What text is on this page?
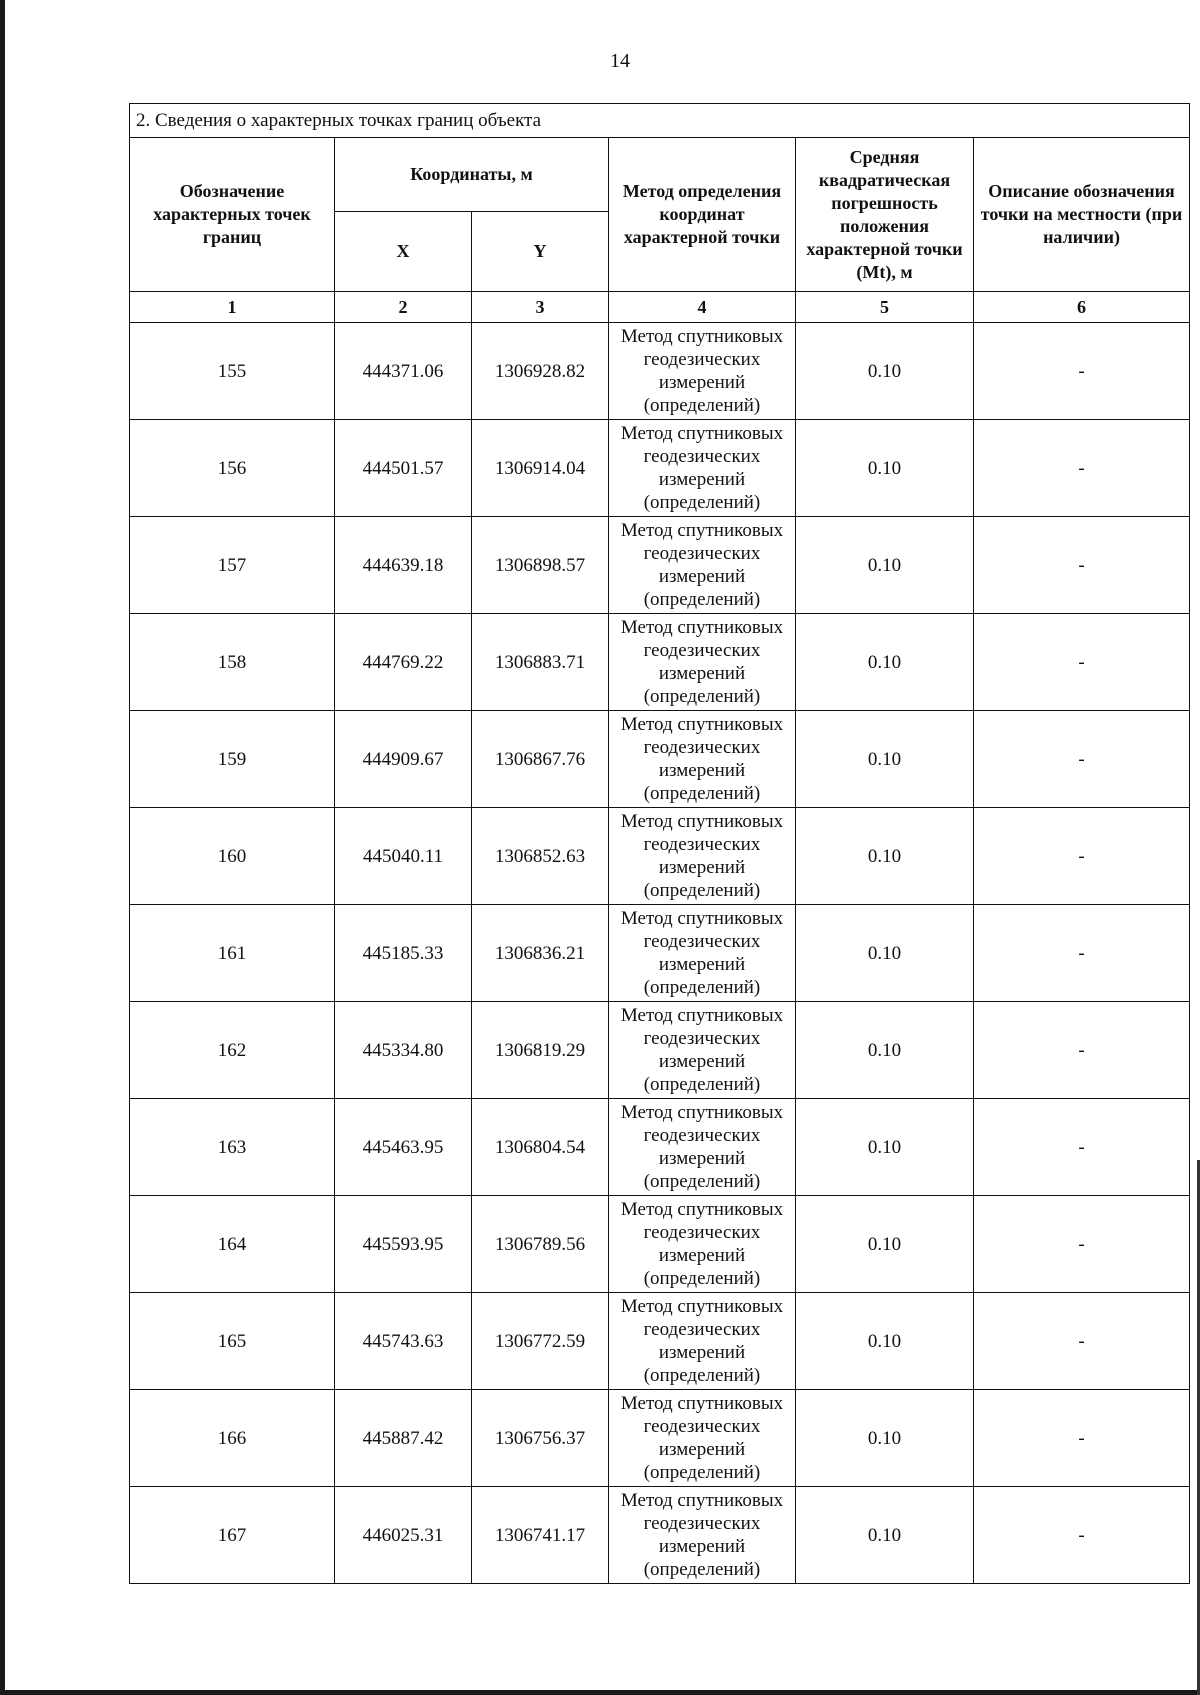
14
2. Сведения о характерных точках границ объекта					
Обозначение характерных точек границ	Координаты, м		Метод определения координат характерной точки	Средняя квадратическая погрешность положения характерной точки (Mt), м	Описание обозначения точки на местности (при наличии)
	X	Y			
1	2	3	4	5	6
155	444371.06	1306928.82	Метод спутниковых геодезических измерений (определений)	0.10	-
156	444501.57	1306914.04	Метод спутниковых геодезических измерений (определений)	0.10	-
157	444639.18	1306898.57	Метод спутниковых геодезических измерений (определений)	0.10	-
158	444769.22	1306883.71	Метод спутниковых геодезических измерений (определений)	0.10	-
159	444909.67	1306867.76	Метод спутниковых геодезических измерений (определений)	0.10	-
160	445040.11	1306852.63	Метод спутниковых геодезических измерений (определений)	0.10	-
161	445185.33	1306836.21	Метод спутниковых геодезических измерений (определений)	0.10	-
162	445334.80	1306819.29	Метод спутниковых геодезических измерений (определений)	0.10	-
163	445463.95	1306804.54	Метод спутниковых геодезических измерений (определений)	0.10	-
164	445593.95	1306789.56	Метод спутниковых геодезических измерений (определений)	0.10	-
165	445743.63	1306772.59	Метод спутниковых геодезических измерений (определений)	0.10	-
166	445887.42	1306756.37	Метод спутниковых геодезических измерений (определений)	0.10	-
167	446025.31	1306741.17	Метод спутниковых геодезических измерений (определений)	0.10	-
